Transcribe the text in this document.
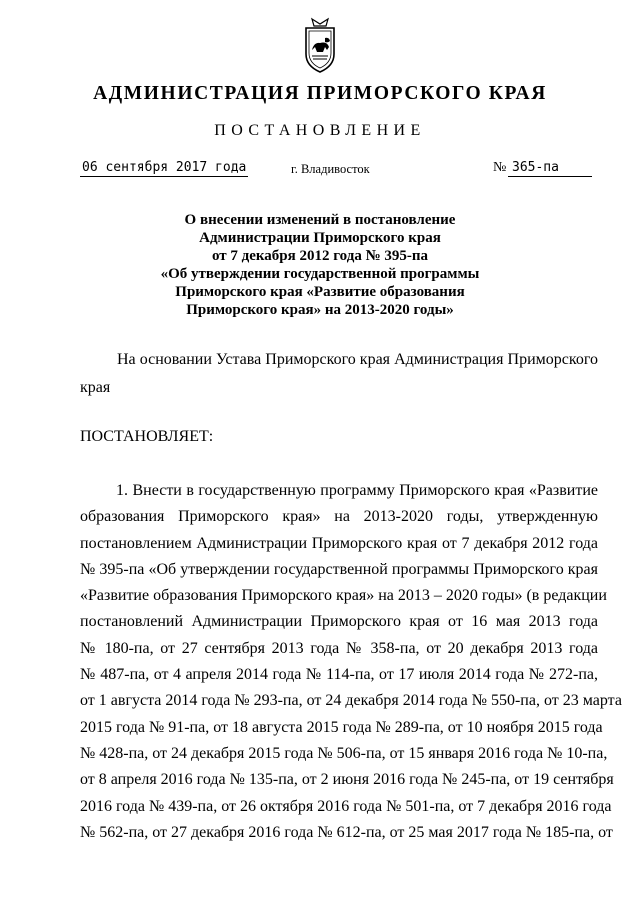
АДМИНИСТРАЦИЯ ПРИМОРСКОГО КРАЯ
ПОСТАНОВЛЕНИЕ
06 сентября 2017 года	г. Владивосток	№ 365-па
О внесении изменений в постановление
Администрации Приморского края
от 7 декабря 2012 года № 395-па
«Об утверждении государственной программы
Приморского края «Развитие образования
Приморского края» на 2013-2020 годы»
На основании Устава Приморского края Администрация Приморского
края
ПОСТАНОВЛЯЕТ:
1. Внести в государственную программу Приморского края «Развитие
образования Приморского края» на 2013-2020 годы, утвержденную
постановлением Администрации Приморского края от 7 декабря 2012 года
№ 395-па «Об утверждении государственной программы Приморского края
«Развитие образования Приморского края» на 2013 – 2020 годы» (в редакции
постановлений Администрации Приморского края от 16 мая 2013 года
№ 180-па, от 27 сентября 2013 года № 358-па, от 20 декабря 2013 года
№ 487-па, от 4 апреля 2014 года № 114-па, от 17 июля 2014 года № 272-па,
от 1 августа 2014 года № 293-па, от 24 декабря 2014 года № 550-па, от 23 марта
2015 года № 91-па, от 18 августа 2015 года № 289-па, от 10 ноября 2015 года
№ 428-па, от 24 декабря 2015 года № 506-па, от 15 января 2016 года № 10-па,
от 8 апреля 2016 года № 135-па, от 2 июня 2016 года № 245-па, от 19 сентября
2016 года № 439-па, от 26 октября 2016 года № 501-па, от 7 декабря 2016 года
№ 562-па, от 27 декабря 2016 года № 612-па, от 25 мая 2017 года № 185-па, от
